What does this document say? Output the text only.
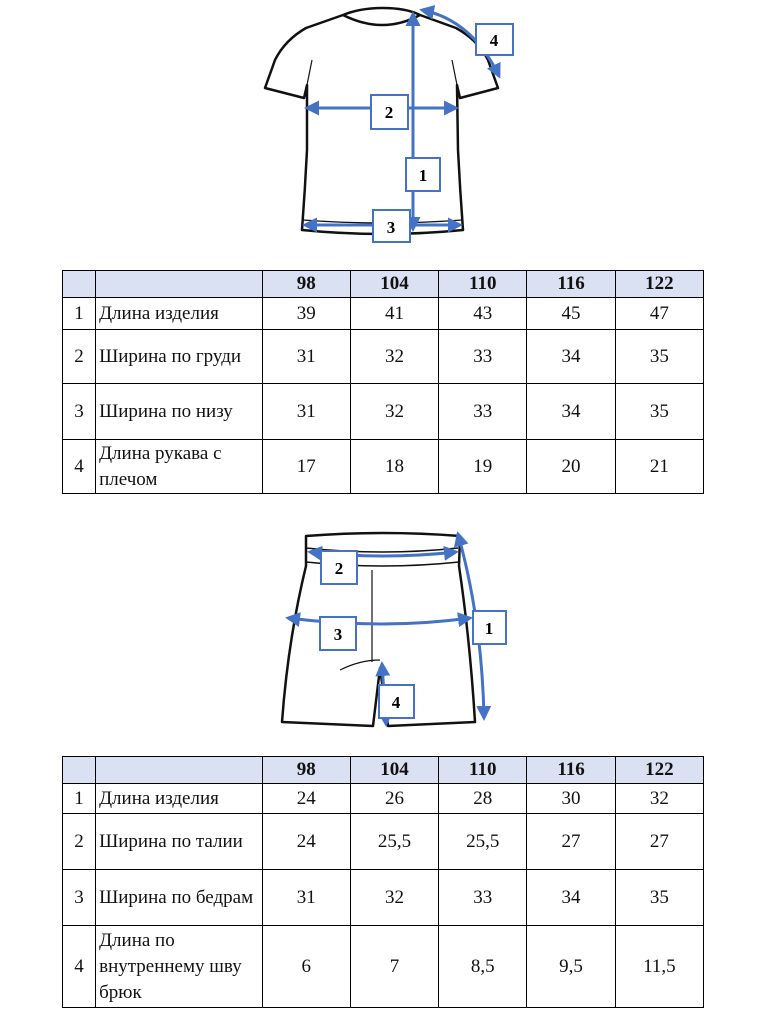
4
2
1
3
		98	104	110	116	122
1	Длина изделия	39	41	43	45	47
2	Ширина по груди	31	32	33	34	35
3	Ширина по низу	31	32	33	34	35
4	Длина рукава с плечом	17	18	19	20	21
2
3	1
4
		98	104	110	116	122
1	Длина изделия	24	26	28	30	32
2	Ширина по талии	24	25,5	25,5	27	27
3	Ширина по бедрам	31	32	33	34	35
4	Длина по внутреннему шву брюк	6	7	8,5	9,5	11,5
